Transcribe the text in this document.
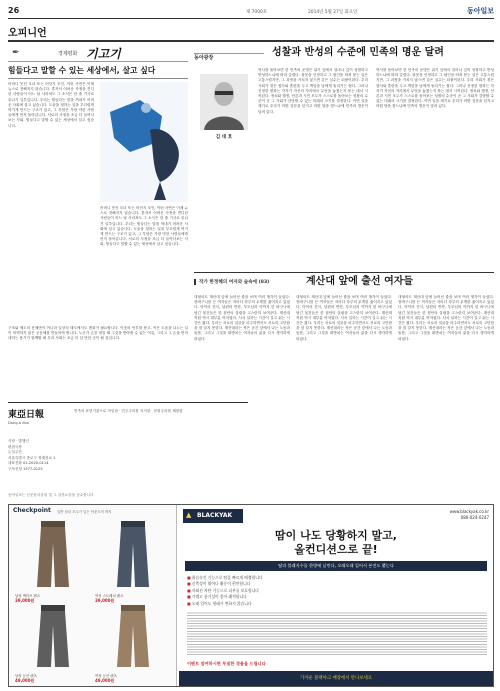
26	제 7000호	2014년 5월 27일 화요일	동아일보
오피니언
✒	경제평화 기고기
힘들다고 말할 수 있는 세상에서, 살고 싶다
어머니 못진 모녀 또는 어딘지 모인, 이런 사연은 이제 뉴스로 전해지지 않습니다. 혼자서 어려운 사정을 견디던 사람들이 어느 날 사라져도 그 소식은 한 줄 기사로 끝나기 일쑤입니다. 우리는 힘들다는 말을 꺼내기 어려운 사회에 살고 있습니다. 도움을 청하는 일을 부끄럽게 여기게 만드는 구조가 있고, 그 부담은 가장 약한 사람들에게 먼저 돌아갑니다. 서로의 사정을 조금 더 들여다보는 사회, 힘들다고 말할 수 있는 세상에서 살고 싶습니다.
어머니 못진 모녀 또는 어딘지 모인, 이런 사연은 이제 뉴스로 전해지지 않습니다. 혼자서 어려운 사정을 견디던 사람들이 어느 날 사라져도 그 소식은 한 줄 기사로 끝나기 일쑤입니다. 우리는 힘들다는 말을 꺼내기 어려운 사회에 살고 있습니다. 도움을 청하는 일을 부끄럽게 여기게 만드는 구조가 있고, 그 부담은 가장 약한 사람들에게 먼저 돌아갑니다. 서로의 사정을 조금 더 들여다보는 사회, 힘들다고 말할 수 있는 세상에서 살고 싶습니다.
구조와 제도의 문제만이 아니라 일상의 태도에서도 변화가 필요합니다. 이웃의 안부를 묻고, 작은 도움을 나누는 일이 어색하지 않은 공동체를 만들어야 합니다. 누군가 손을 내밀 때 그것을 받아줄 수 있는 여유, 그리고 그 손을 먼저 내미는 용기가 함께할 때 우리 사회는 조금 더 살 만한 곳이 될 것입니다.
東亞日報
Dong-A Ilbo
민족의 표현기관으로 자임함 · 민주주의를 지지함 · 문화주의를 제창함
사장 · 발행인
편집국장
논설주간
서울특별시 종로구 청계천로 1
대표전화 02-2020-0114
구독신청 1577-0125
동아일보는 신문윤리강령 및 그 실천요강을 준수합니다
동아광장	성찰과 반성의 수준에 민족의 명운 달려
김 대 호
역사를 돌아보면 한 민족의 운명은 위기 앞에서 얼마나 깊이 성찰하고 반성하느냐에 따라 갈렸다. 잘못을 인정하고 그 원인을 따져 묻는 일은 고통스럽지만, 그 과정을 거치지 않으면 같은 실수는 되풀이된다. 우리 사회가 겪은 참사와 혼란을 두고 책임을 남에게 돌리기는 쉽다. 그러나 진정한 변화는 각자가 자신의 자리에서 무엇을 놓쳤는지 묻는 데서 시작된다. 정치와 행정, 언론과 시민 모두가 스스로를 돌아보는 성찰의 수준이 곧 그 사회가 감당할 수 있는 미래의 크기를 결정한다. 이번 일을 계기로 우리가 어떤 질문을 던지고 어떤 답을 찾느냐에 민족의 명운이 달려 있다.
역사를 돌아보면 한 민족의 운명은 위기 앞에서 얼마나 깊이 성찰하고 반성하느냐에 따라 갈렸다. 잘못을 인정하고 그 원인을 따져 묻는 일은 고통스럽지만, 그 과정을 거치지 않으면 같은 실수는 되풀이된다. 우리 사회가 겪은 참사와 혼란을 두고 책임을 남에게 돌리기는 쉽다. 그러나 진정한 변화는 각자가 자신의 자리에서 무엇을 놓쳤는지 묻는 데서 시작된다. 정치와 행정, 언론과 시민 모두가 스스로를 돌아보는 성찰의 수준이 곧 그 사회가 감당할 수 있는 미래의 크기를 결정한다. 이번 일을 계기로 우리가 어떤 질문을 던지고 어떤 답을 찾느냐에 민족의 명운이 달려 있다.
작가 한정혜의 여자와 숲속에 (83)	계산대 앞에 출선 여자들
대형마트 계산대 앞에 늘어선 줄을 보며 여러 생각이 들었다. 장바구니를 든 여자들은 저마다 하루의 무게를 짊어지고 있었다. 아이의 간식, 남편의 반찬, 부모님의 약까지 한 바구니에 담긴 물건들은 한 집안의 살림을 고스란히 보여준다. 계산대 직원 역시 대부분 여자였다. 서서 일하는 시간이 길고 쉬는 시간은 짧다. 우리는 서로의 얼굴을 마주하면서도 서로의 고단함을 잘 알지 못한다. 계산대라는 작은 공간 앞에서 나는 노동과 돌봄, 그리고 그것을 떠받치는 여자들의 삶을 다시 생각하게 되었다.
대형마트 계산대 앞에 늘어선 줄을 보며 여러 생각이 들었다. 장바구니를 든 여자들은 저마다 하루의 무게를 짊어지고 있었다. 아이의 간식, 남편의 반찬, 부모님의 약까지 한 바구니에 담긴 물건들은 한 집안의 살림을 고스란히 보여준다. 계산대 직원 역시 대부분 여자였다. 서서 일하는 시간이 길고 쉬는 시간은 짧다. 우리는 서로의 얼굴을 마주하면서도 서로의 고단함을 잘 알지 못한다. 계산대라는 작은 공간 앞에서 나는 노동과 돌봄, 그리고 그것을 떠받치는 여자들의 삶을 다시 생각하게 되었다.
대형마트 계산대 앞에 늘어선 줄을 보며 여러 생각이 들었다. 장바구니를 든 여자들은 저마다 하루의 무게를 짊어지고 있었다. 아이의 간식, 남편의 반찬, 부모님의 약까지 한 바구니에 담긴 물건들은 한 집안의 살림을 고스란히 보여준다. 계산대 직원 역시 대부분 여자였다. 서서 일하는 시간이 길고 쉬는 시간은 짧다. 우리는 서로의 얼굴을 마주하면서도 서로의 고단함을 잘 알지 못한다. 계산대라는 작은 공간 앞에서 나는 노동과 돌봄, 그리고 그것을 떠받치는 여자들의 삶을 다시 생각하게 되었다.
Checkpoint 일반 남녀 모두가 입는 아웃도어 바지
남성 액티브 팬츠
39,000원
여성 스트레치 팬츠
39,000원
남성 등산 팬츠
49,000원
여성 등산 팬츠
49,000원
▲ BLACKYAK
www.blackyak.co.kr
080-024-0247
땀이 나도 당황하지 말고,
올컨디션으로 끝!
땀과 불쾌지수를 한방에 날린다, 오래오래 입어서 본전도 뽑는다
■ 흡습속건 기능으로 땀을 빠르게 배출합니다
■ 신축성이 뛰어나 활동이 편안합니다
■ 자외선 차단 기능으로 피부를 보호합니다
■ 가볍고 통기성이 좋아 쾌적합니다
■ 오래 입어도 형태가 변하지 않습니다
이벤트 참여하시면 푸짐한 경품을 드립니다
가까운 블랙야크 매장에서 만나보세요
